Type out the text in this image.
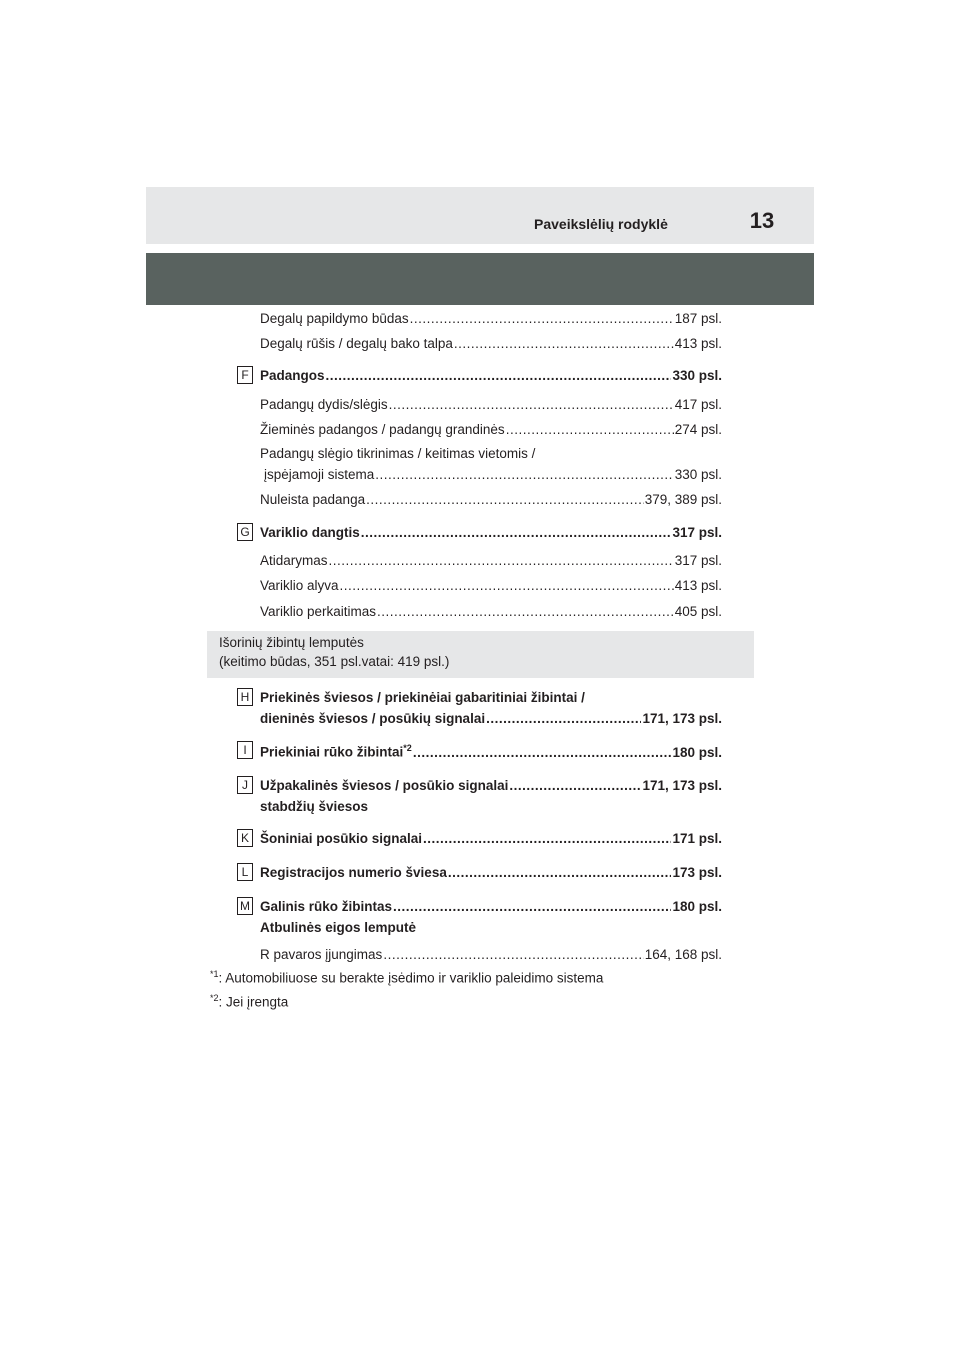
Paveikslėlių rodyklė	13
Degalų papildymo būdas .....	187 psl.
Degalų rūšis / degalų bako talpa .....	413 psl.
F Padangos .....	330 psl.
Padangų dydis/slėgis .....	417 psl.
Žieminės padangos / padangų grandinės .....	274 psl.
Padangų slėgio tikrinimas / keitimas vietomis /
įspėjamoji sistema .....	330 psl.
Nuleista padanga .....	379, 389 psl.
G Variklio dangtis .....	317 psl.
Atidarymas .....	317 psl.
Variklio alyva .....	413 psl.
Variklio perkaitimas .....	405 psl.
Išorinių žibintų lemputės
(keitimo būdas, 351 psl.vatai: 419 psl.)
H Priekinės šviesos / priekinėiai gabaritiniai žibintai /
dieninės šviesos / posūkių signalai .....	171, 173 psl.
I Priekiniai rūko žibintai$^{*2}$ .....	180 psl.
J Užpakalinės šviesos / posūkio signalai .....	171, 173 psl.
stabdžių šviesos
K Šoniniai posūkio signalai .....	171 psl.
L Registracijos numerio šviesa .....	173 psl.
M Galinis rūko žibintas .....	180 psl.
Atbulinės eigos lemputė
R pavaros įjungimas .....	164, 168 psl.
$^{*1}$: Automobiliuose su berakte įsėdimo ir variklio paleidimo sistema
$^{*2}$: Jei įrengta
